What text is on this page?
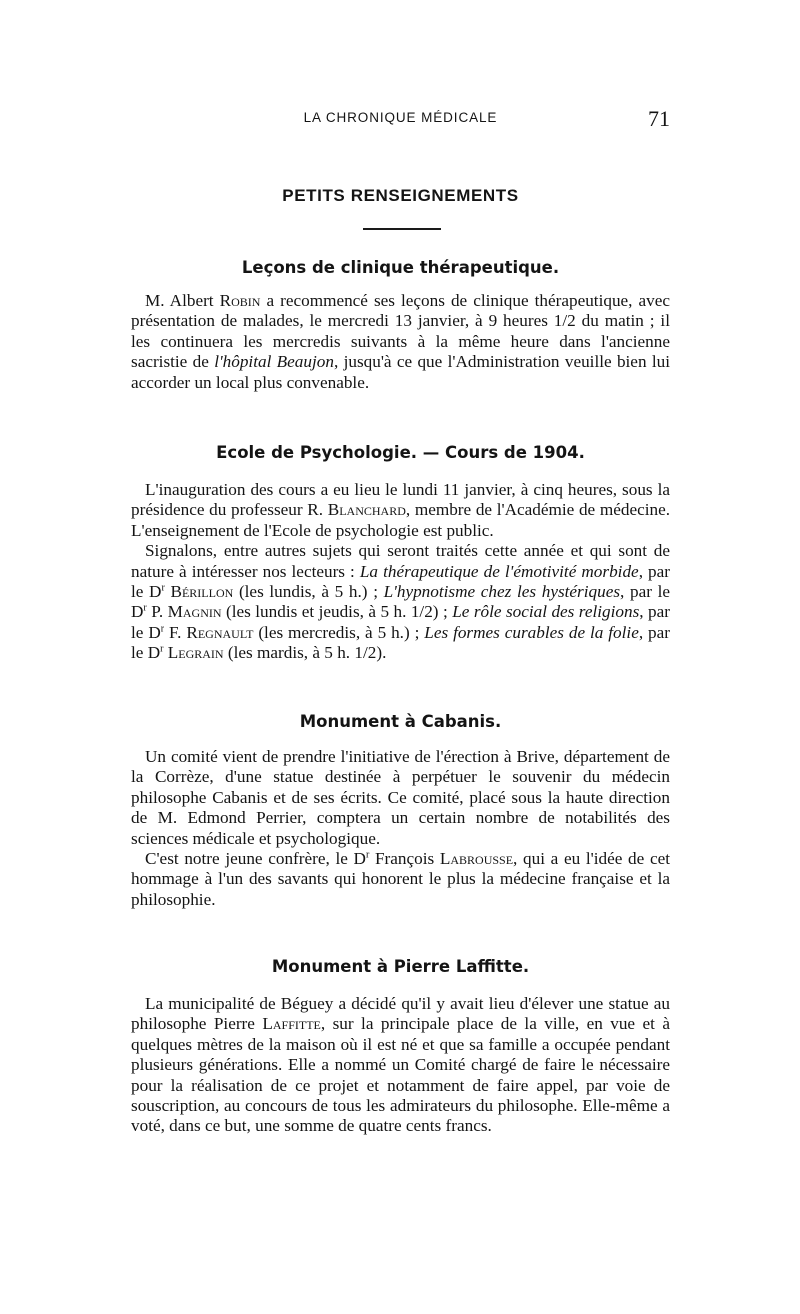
LA CHRONIQUE MÉDICALE	71
PETITS RENSEIGNEMENTS
Leçons de clinique thérapeutique.

M. Albert Robin a recommencé ses leçons de clinique thérapeutique, avec présentation de malades, le mercredi 13 janvier, à 9 heures 1/2 du matin ; il les continuera les mercredis suivants à la même heure dans l'ancienne sacristie de l'hôpital Beaujon, jusqu'à ce que l'Administration veuille bien lui accorder un local plus convenable.

Ecole de Psychologie. — Cours de 1904.

L'inauguration des cours a eu lieu le lundi 11 janvier, à cinq heures, sous la présidence du professeur R. Blanchard, membre de l'Académie de médecine. L'enseignement de l'Ecole de psychologie est public.

Signalons, entre autres sujets qui seront traités cette année et qui sont de nature à intéresser nos lecteurs : La thérapeutique de l'émotivité morbide, par le $D^r$ Bérillon (les lundis, à 5 h.) ; L'hypnotisme chez les hystériques, par le $D^r$ P. Magnin (les lundis et jeudis, à 5 h. 1/2) ; Le rôle social des religions, par le $D^r$ F. Regnault (les mercredis, à 5 h.) ; Les formes curables de la folie, par le $D^r$ Legrain (les mardis, à 5 h. 1/2).

Monument à Cabanis.

Un comité vient de prendre l'initiative de l'érection à Brive, département de la Corrèze, d'une statue destinée à perpétuer le souvenir du médecin philosophe Cabanis et de ses écrits. Ce comité, placé sous la haute direction de M. Edmond Perrier, comptera un certain nombre de notabilités des sciences médicale et psychologique.

C'est notre jeune confrère, le $D^r$ François Labrousse, qui a eu l'idée de cet hommage à l'un des savants qui honorent le plus la médecine française et la philosophie.

Monument à Pierre Laffitte.

La municipalité de Béguey a décidé qu'il y avait lieu d'élever une statue au philosophe Pierre Laffitte, sur la principale place de la ville, en vue et à quelques mètres de la maison où il est né et que sa famille a occupée pendant plusieurs générations. Elle a nommé un Comité chargé de faire le nécessaire pour la réalisation de ce projet et notamment de faire appel, par voie de souscription, au concours de tous les admirateurs du philosophe. Elle-même a voté, dans ce but, une somme de quatre cents francs.
